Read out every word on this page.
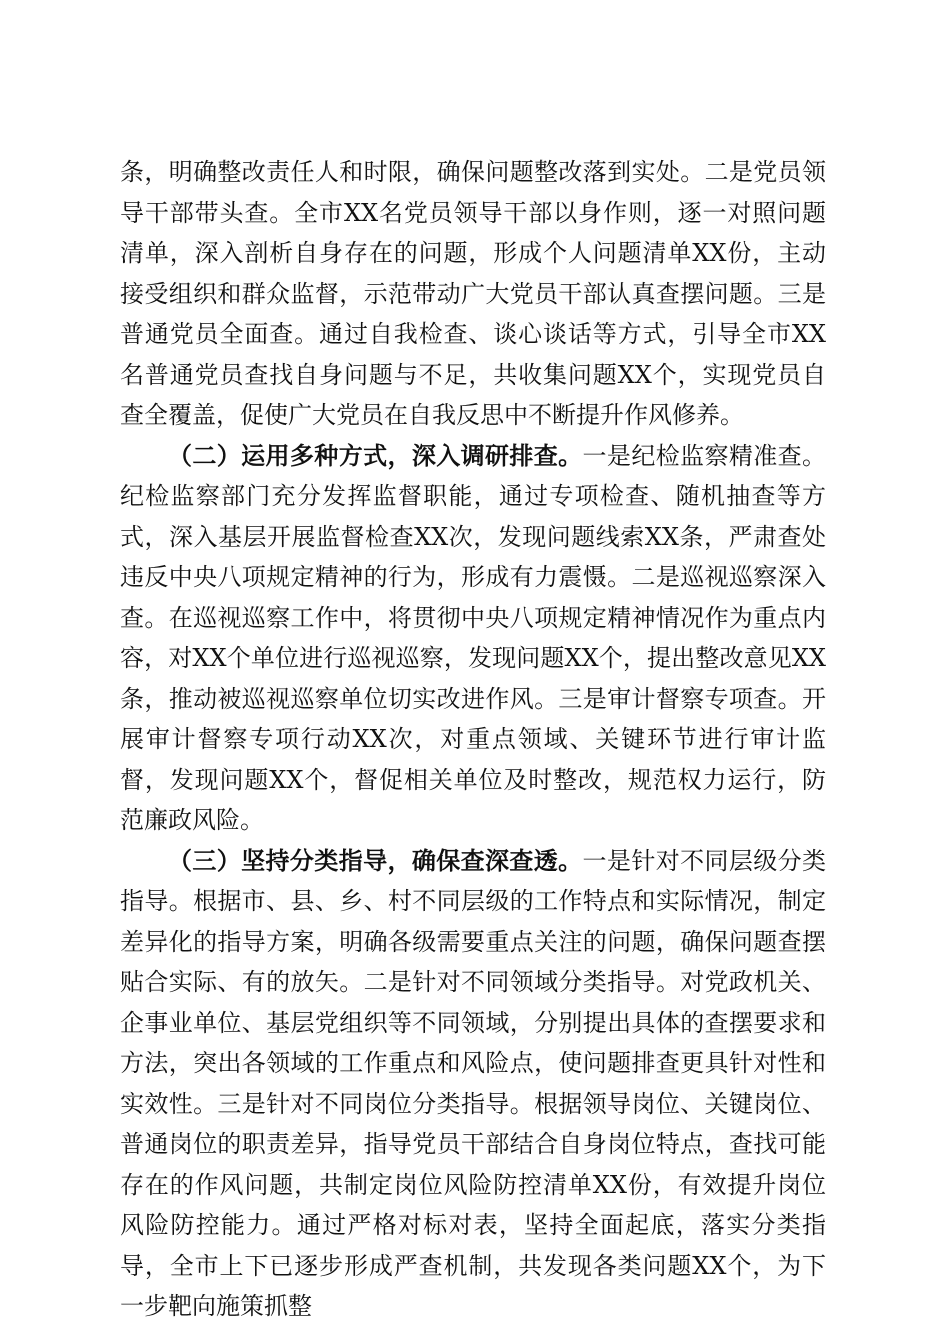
条，明确整改责任人和时限，确保问题整改落到实处。二是党员领导干部带头查。全市XX名党员领导干部以身作则，逐一对照问题清单，深入剖析自身存在的问题，形成个人问题清单XX份，主动接受组织和群众监督，示范带动广大党员干部认真查摆问题。三是普通党员全面查。通过自我检查、谈心谈话等方式，引导全市XX名普通党员查找自身问题与不足，共收集问题XX个，实现党员自查全覆盖，促使广大党员在自我反思中不断提升作风修养。

（二）运用多种方式，深入调研排查。一是纪检监察精准查。纪检监察部门充分发挥监督职能，通过专项检查、随机抽查等方式，深入基层开展监督检查XX次，发现问题线索XX条，严肃查处违反中央八项规定精神的行为，形成有力震慑。二是巡视巡察深入查。在巡视巡察工作中，将贯彻中央八项规定精神情况作为重点内容，对XX个单位进行巡视巡察，发现问题XX个，提出整改意见XX条，推动被巡视巡察单位切实改进作风。三是审计督察专项查。开展审计督察专项行动XX次，对重点领域、关键环节进行审计监督，发现问题XX个，督促相关单位及时整改，规范权力运行，防范廉政风险。

（三）坚持分类指导，确保查深查透。一是针对不同层级分类指导。根据市、县、乡、村不同层级的工作特点和实际情况，制定差异化的指导方案，明确各级需要重点关注的问题，确保问题查摆贴合实际、有的放矢。二是针对不同领域分类指导。对党政机关、企事业单位、基层党组织等不同领域，分别提出具体的查摆要求和方法，突出各领域的工作重点和风险点，使问题排查更具针对性和实效性。三是针对不同岗位分类指导。根据领导岗位、关键岗位、普通岗位的职责差异，指导党员干部结合自身岗位特点，查找可能存在的作风问题，共制定岗位风险防控清单XX份，有效提升岗位风险防控能力。通过严格对标对表，坚持全面起底，落实分类指导，全市上下已逐步形成严查机制，共发现各类问题XX个，为下一步靶向施策抓整
